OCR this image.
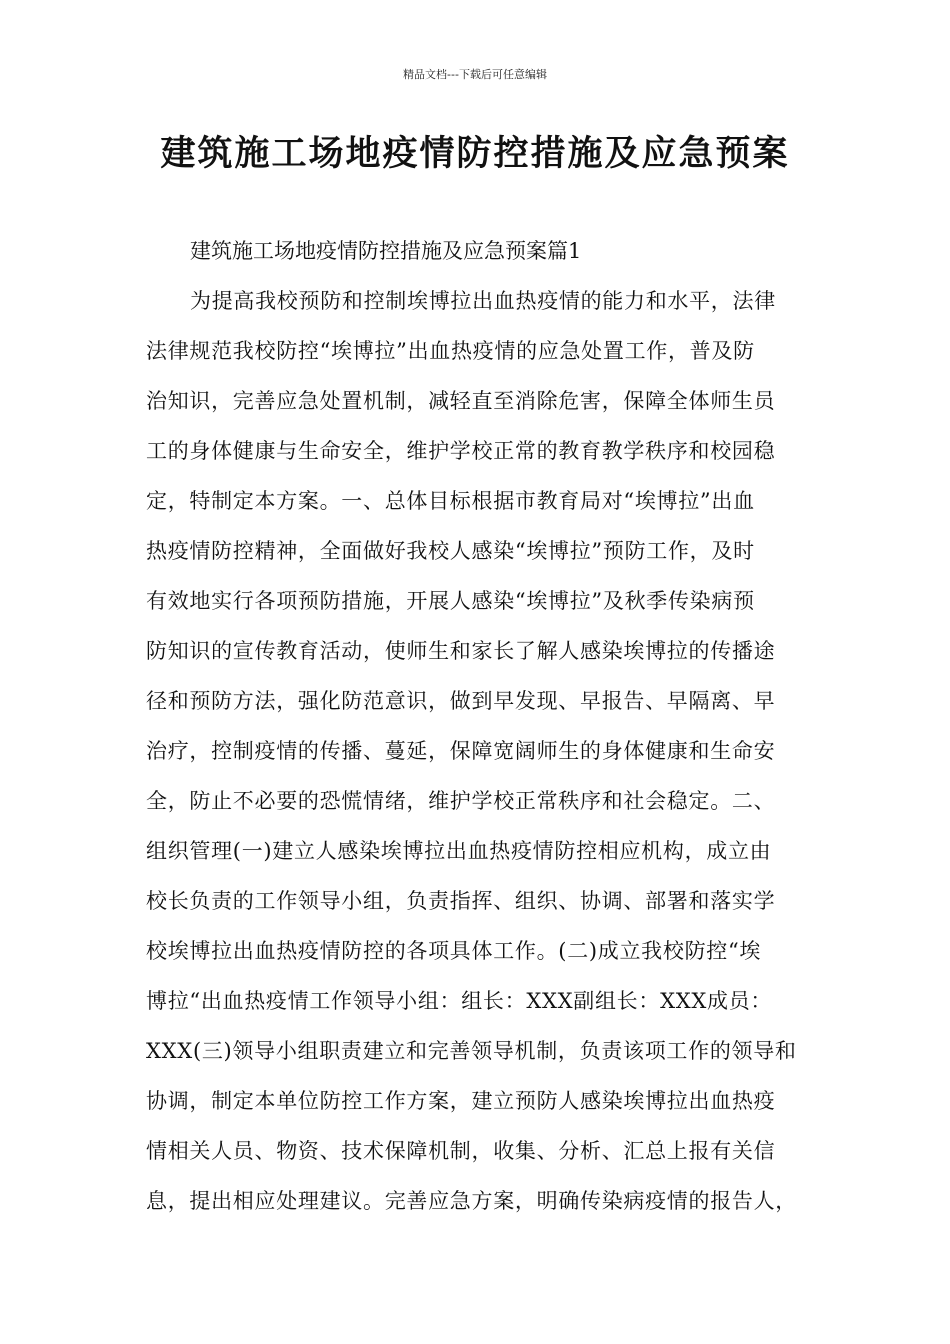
精品文档---下载后可任意编辑
建筑施工场地疫情防控措施及应急预案
建筑施工场地疫情防控措施及应急预案篇1
为提高我校预防和控制埃博拉出血热疫情的能力和水平，法律
法律规范我校防控“埃博拉”出血热疫情的应急处置工作，普及防
治知识，完善应急处置机制，减轻直至消除危害，保障全体师生员
工的身体健康与生命安全，维护学校正常的教育教学秩序和校园稳
定，特制定本方案。一、总体目标根据市教育局对“埃博拉”出血
热疫情防控精神，全面做好我校人感染“埃博拉”预防工作，及时
有效地实行各项预防措施，开展人感染“埃博拉”及秋季传染病预
防知识的宣传教育活动，使师生和家长了解人感染埃博拉的传播途
径和预防方法，强化防范意识，做到早发现、早报告、早隔离、早
治疗，控制疫情的传播、蔓延，保障宽阔师生的身体健康和生命安
全，防止不必要的恐慌情绪，维护学校正常秩序和社会稳定。二、
组织管理(一)建立人感染埃博拉出血热疫情防控相应机构，成立由
校长负责的工作领导小组，负责指挥、组织、协调、部署和落实学
校埃博拉出血热疫情防控的各项具体工作。(二)成立我校防控“埃
博拉“出血热疫情工作领导小组：组长：XXX副组长：XXX成员：
XXX(三)领导小组职责建立和完善领导机制，负责该项工作的领导和
协调，制定本单位防控工作方案，建立预防人感染埃博拉出血热疫
情相关人员、物资、技术保障机制，收集、分析、汇总上报有关信
息，提出相应处理建议。完善应急方案，明确传染病疫情的报告人，
